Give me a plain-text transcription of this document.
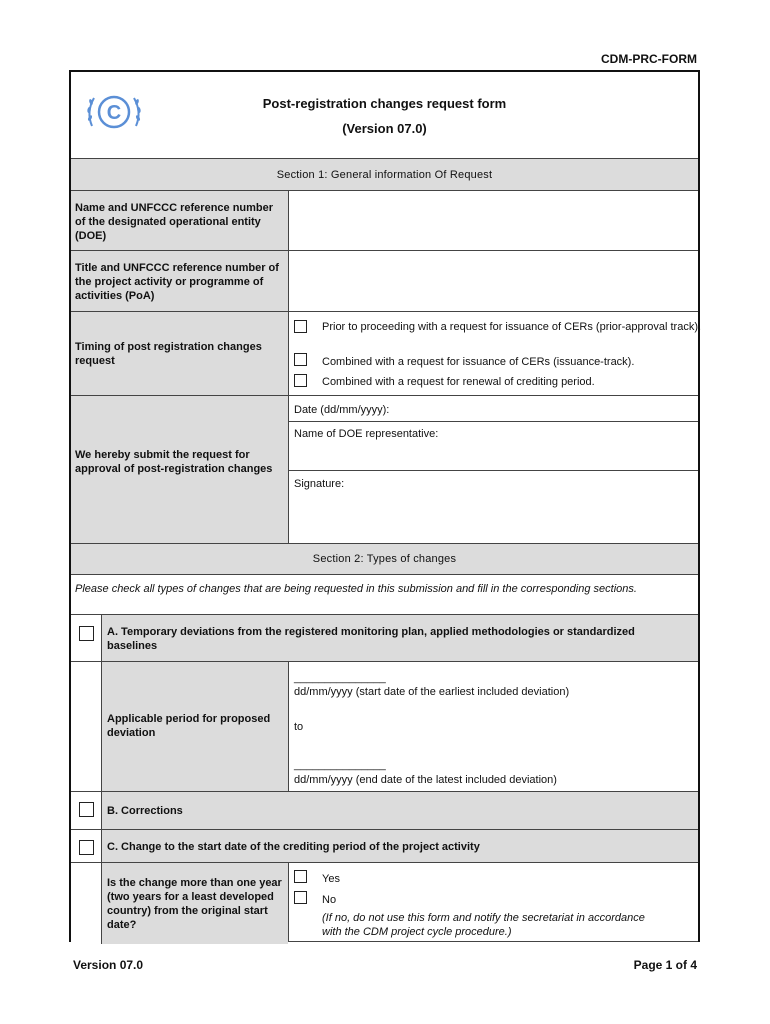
CDM-PRC-FORM
C	Post-registration changes request form
(Version 07.0)
Section 1: General information Of Request
Name and UNFCCC reference number of the designated operational entity (DOE)
Title and UNFCCC reference number of the project activity or programme of activities (PoA)
Timing of post registration changes request
Prior to proceeding with a request for issuance of CERs (prior-approval track).
Combined with a request for issuance of CERs (issuance-track).
Combined with a request for renewal of crediting period.
We hereby submit the request for approval of post-registration changes
Date (dd/mm/yyyy):
Name of DOE representative:
Signature:
Section 2: Types of changes
Please check all types of changes that are being requested in this submission and fill in the corresponding sections.
A. Temporary deviations from the registered monitoring plan, applied methodologies or standardized baselines
Applicable period for proposed deviation
_______________
dd/mm/yyyy (start date of the earliest included deviation)
to
_______________
dd/mm/yyyy (end date of the latest included deviation)
B. Corrections
C. Change to the start date of the crediting period of the project activity
Is the change more than one year (two years for a least developed country) from the original start date?
Yes
No
(If no, do not use this form and notify the secretariat in accordance with the CDM project cycle procedure.)
Version 07.0	Page 1 of 4
